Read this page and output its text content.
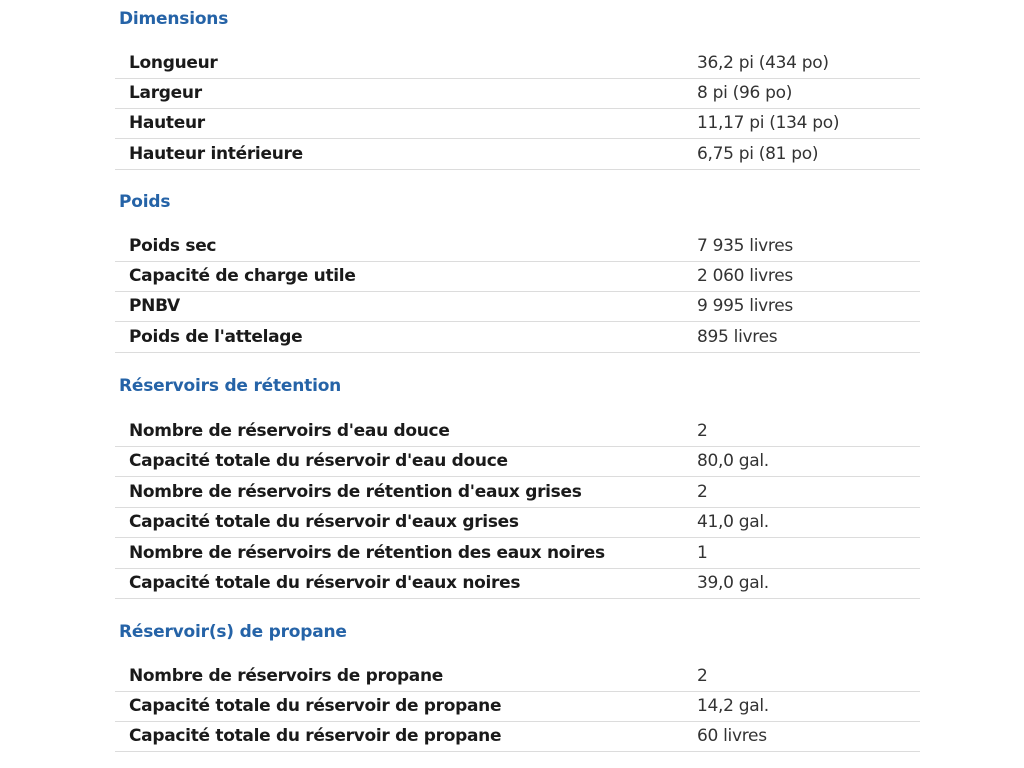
Dimensions
Longueur	36,2 pi (434 po)
Largeur	8 pi (96 po)
Hauteur	11,17 pi (134 po)
Hauteur intérieure	6,75 pi (81 po)
Poids
Poids sec	7 935 livres
Capacité de charge utile	2 060 livres
PNBV	9 995 livres
Poids de l'attelage	895 livres
Réservoirs de rétention
Nombre de réservoirs d'eau douce	2
Capacité totale du réservoir d'eau douce	80,0 gal.
Nombre de réservoirs de rétention d'eaux grises	2
Capacité totale du réservoir d'eaux grises	41,0 gal.
Nombre de réservoirs de rétention des eaux noires	1
Capacité totale du réservoir d'eaux noires	39,0 gal.
Réservoir(s) de propane
Nombre de réservoirs de propane	2
Capacité totale du réservoir de propane	14,2 gal.
Capacité totale du réservoir de propane	60 livres
